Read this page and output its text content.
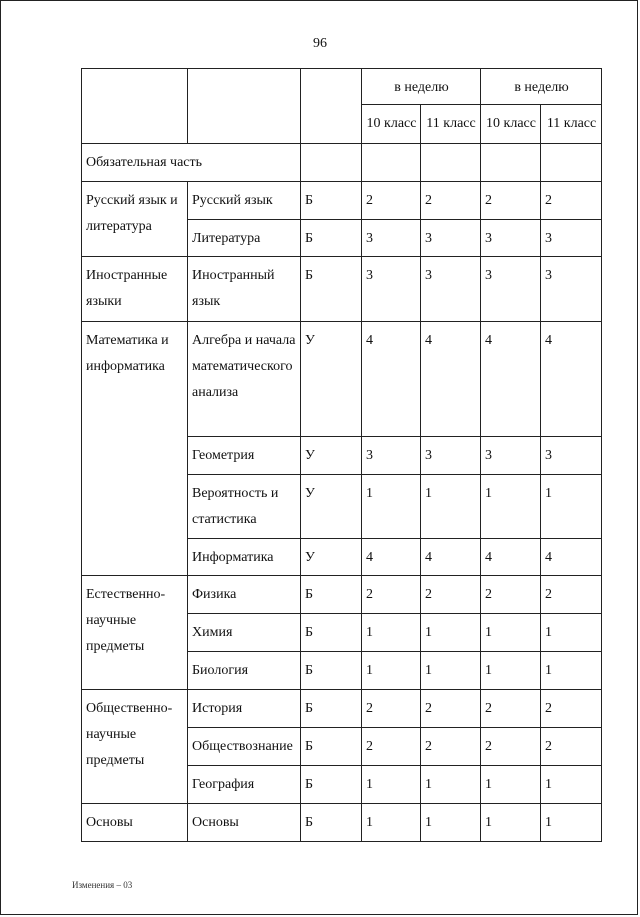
96
			в неделю		в неделю	
			10 класс	11 класс	10 класс	11 класс
Обязательная часть						
Русский язык и литература	Русский язык	Б	2	2	2	2
	Литература	Б	3	3	3	3
Иностранные языки	Иностранный язык	Б	3	3	3	3
Математика и информатика	Алгебра и начала математического анализа	У	4	4	4	4
	Геометрия	У	3	3	3	3
	Вероятность и статистика	У	1	1	1	1
	Информатика	У	4	4	4	4
Естественно-научные предметы	Физика	Б	2	2	2	2
	Химия	Б	1	1	1	1
	Биология	Б	1	1	1	1
Общественно-научные предметы	История	Б	2	2	2	2
	Обществознание	Б	2	2	2	2
	География	Б	1	1	1	1
Основы	Основы	Б	1	1	1	1
Изменения – 03
